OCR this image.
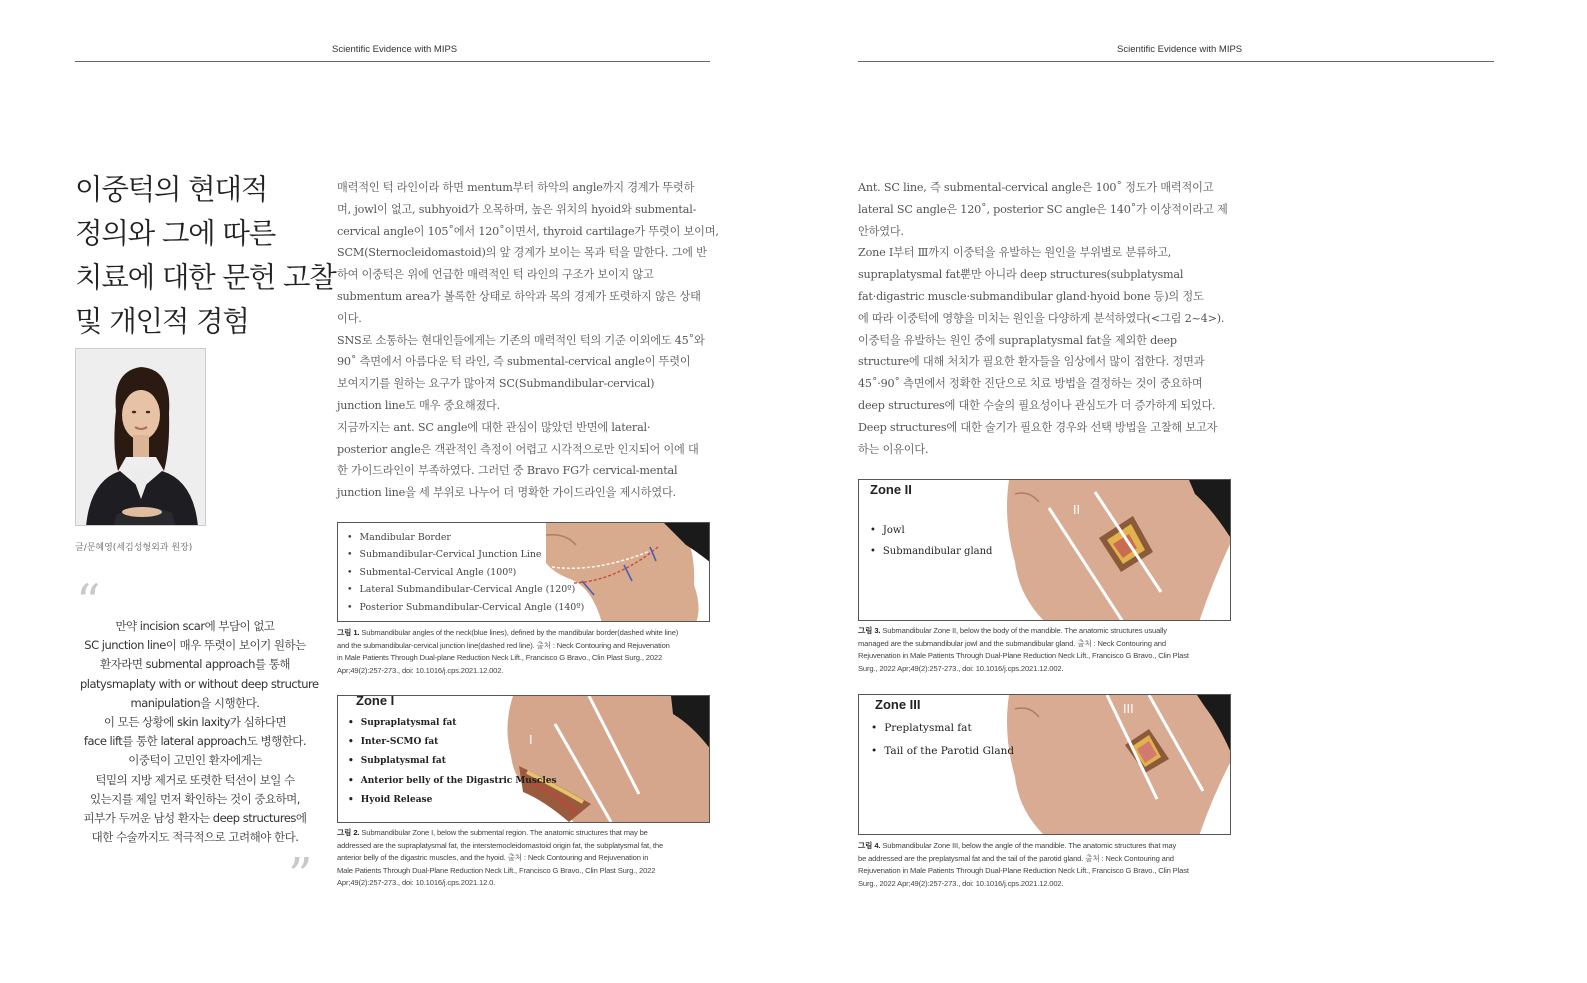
Scientific Evidence with MIPS	Scientific Evidence with MIPS
이중턱의 현대적
정의와 그에 따른
치료에 대한 문헌 고찰
및 개인적 경험
글/문혜영(세김성형외과 원장)
“	만약 incision scar에 부담이 없고
SC junction line이 매우 뚜렷이 보이기 원하는
환자라면 submental approach를 통해
platysmaplaty with or without deep structure
manipulation을 시행한다.
이 모든 상황에 skin laxity가 심하다면
face lift를 통한 lateral approach도 병행한다.
이중턱이 고민인 환자에게는
턱밑의 지방 제거로 또렷한 턱선이 보일 수
있는지를 제일 먼저 확인하는 것이 중요하며,
피부가 두꺼운 남성 환자는 deep structures에
대한 수술까지도 적극적으로 고려해야 한다.
”
매력적인 턱 라인이라 하면 mentum부터 하악의 angle까지 경계가 뚜렷하
며, jowl이 없고, subhyoid가 오목하며, 높은 위치의 hyoid와 submental-
cervical angle이 105˚에서 120˚이면서, thyroid cartilage가 뚜렷이 보이며,
SCM(Sternocleidomastoid)의 앞 경계가 보이는 목과 턱을 말한다. 그에 반
하여 이중턱은 위에 언급한 매력적인 턱 라인의 구조가 보이지 않고
submentum area가 볼록한 상태로 하악과 목의 경계가 또렷하지 않은 상태
이다.
SNS로 소통하는 현대인들에게는 기존의 매력적인 턱의 기준 이외에도 45˚와
90˚ 측면에서 아름다운 턱 라인, 즉 submental-cervical angle이 뚜렷이
보여지기를 원하는 요구가 많아져 SC(Submandibular-cervical)
junction line도 매우 중요해졌다.
지금까지는 ant. SC angle에 대한 관심이 많았던 반면에 lateral·
posterior angle은 객관적인 측정이 어렵고 시각적으로만 인지되어 이에 대
한 가이드라인이 부족하였다. 그러던 중 Bravo FG가 cervical-mental
junction line을 세 부위로 나누어 더 명확한 가이드라인을 제시하였다.
• Mandibular Border
• Submandibular-Cervical Junction Line
• Submental-Cervical Angle (100º)
• Lateral Submandibular-Cervical Angle (120º)
• Posterior Submandibular-Cervical Angle (140º)
그림 1. Submandibular angles of the neck(blue lines), defined by the mandibular border(dashed white line)
and the submandibular-cervical junction line(dashed red line). 출처 : Neck Contouring and Rejuvenation
in Male Patients Through Dual-plane Reduction Neck Lift., Francisco G Bravo., Clin Plast Surg., 2022
Apr;49(2):257-273., doi: 10.1016/j.cps.2021.12.002.
I
Zone I
• Supraplatysmal fat
• Inter-SCMO fat
• Subplatysmal fat
• Anterior belly of the Digastric Muscles
• Hyoid Release
그림 2. Submandibular Zone I, below the submental region. The anatomic structures that may be
addressed are the supraplatysmal fat, the interstemocleidomastoid origin fat, the subplatysmal fat, the
anterior belly of the digastric muscles, and the hyoid. 출처 : Neck Contouring and Rejuvenation in
Male Patients Through Dual-Plane Reduction Neck Lift., Francisco G Bravo., Clin Plast Surg., 2022
Apr;49(2):257-273., doi: 10.1016/j.cps.2021.12.0.
Ant. SC line, 즉 submental-cervical angle은 100˚ 정도가 매력적이고
lateral SC angle은 120˚, posterior SC angle은 140˚가 이상적이라고 제
안하였다.
Zone I부터 Ⅲ까지 이중턱을 유발하는 원인을 부위별로 분류하고,
supraplatysmal fat뿐만 아니라 deep structures(subplatysmal
fat·digastric muscle·submandibular gland·hyoid bone 등)의 정도
에 따라 이중턱에 영향을 미치는 원인을 다양하게 분석하였다(<그림 2~4>).
이중턱을 유발하는 원인 중에 supraplatysmal fat을 제외한 deep
structure에 대해 처치가 필요한 환자들을 임상에서 많이 접한다. 정면과
45˚·90˚ 측면에서 정확한 진단으로 치료 방법을 결정하는 것이 중요하며
deep structures에 대한 수술의 필요성이나 관심도가 더 증가하게 되었다.
Deep structures에 대한 술기가 필요한 경우와 선택 방법을 고찰해 보고자
하는 이유이다.
II
Zone II
• Jowl
• Submandibular gland
그림 3. Submandibular Zone II, below the body of the mandible. The anatomic structures usually
managed are the submandibular jowl and the submandibular gland. 출처 : Neck Contouring and
Rejuvenation in Male Patients Through Dual-Plane Reduction Neck Lift., Francisco G Bravo., Clin Plast
Surg., 2022 Apr;49(2):257-273., doi: 10.1016/j.cps.2021.12.002.
III
Zone III
• Preplatysmal fat
• Tail of the Parotid Gland
그림 4. Submandibular Zone III, below the angle of the mandible. The anatomic structures that may
be addressed are the preplatysmal fat and the tail of the parotid gland. 출처 : Neck Contouring and
Rejuvenation in Male Patients Through Dual-Plane Reduction Neck Lift., Francisco G Bravo., Clin Plast
Surg., 2022 Apr;49(2):257-273., doi: 10.1016/j.cps.2021.12.002.
